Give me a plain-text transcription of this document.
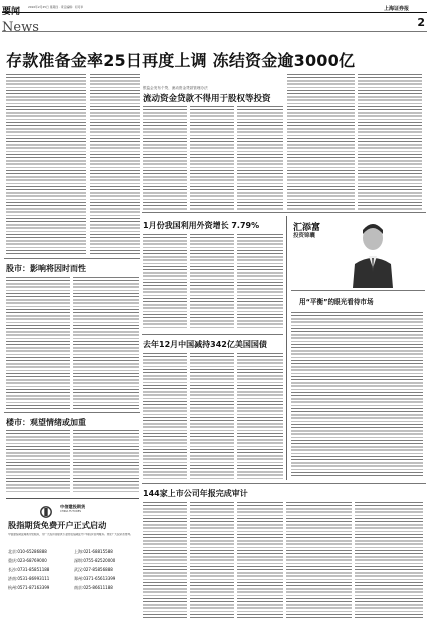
2010年2月25日 星期四 · 责任编辑：何可华
News
上海证券报
2
存款准备金率25日再度上调 冻结资金逾3000亿
银监会发布个贷、流动资金贷款管理办法
流动资金贷款不得用于股权等投资
股市：影响将因时而性
楼市：观望情绪或加重
中信建投期货
CHINA FUTURES
股指期货免费开户正式启动
中信建投期货竭诚为您服务，为广大投资者提供专业的股指期货开户和投资咨询服务。欢迎广大投资者垂询。
北京:010-65286888	上海:021-68815588
重庆:023-68769000	深圳:0755-82520000
长沙:0731-85851188	武汉:027-85856888
济南:0531-86993111	郑州:0371-65613399
杭州:0571-87163399	南京:025-86611188
1月份我国利用外资增长 7.79%
去年12月中国减持342亿美国国债
144家上市公司年报完成审计
汇添富
投资锦囊
用“平衡”的眼光看待市场
